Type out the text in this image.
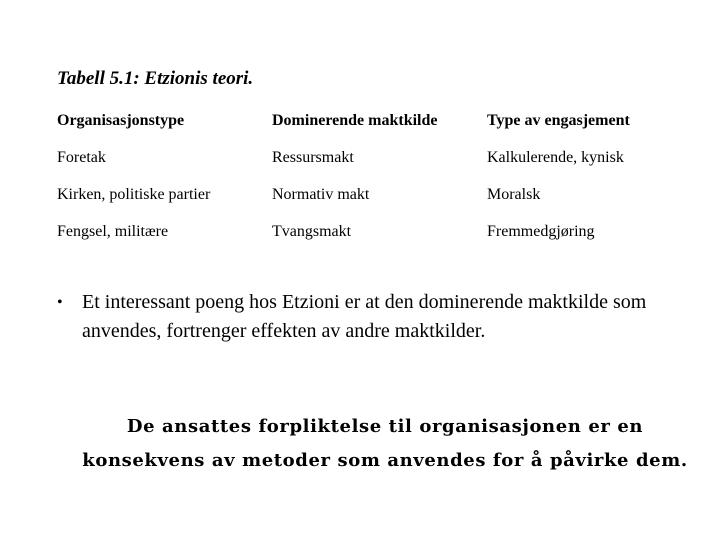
Tabell 5.1: Etzionis teori.
Organisasjonstype	Dominerende maktkilde	Type av engasjement
Foretak	Ressursmakt	Kalkulerende, kynisk
Kirken, politiske partier	Normativ makt	Moralsk
Fengsel, militære	Tvangsmakt	Fremmedgjøring
• Et interessant poeng hos Etzioni er at den dominerende maktkilde som anvendes, fortrenger effekten av andre maktkilder.

De ansattes forpliktelse til organisasjonen er en konsekvens av metoder som anvendes for å påvirke dem.
